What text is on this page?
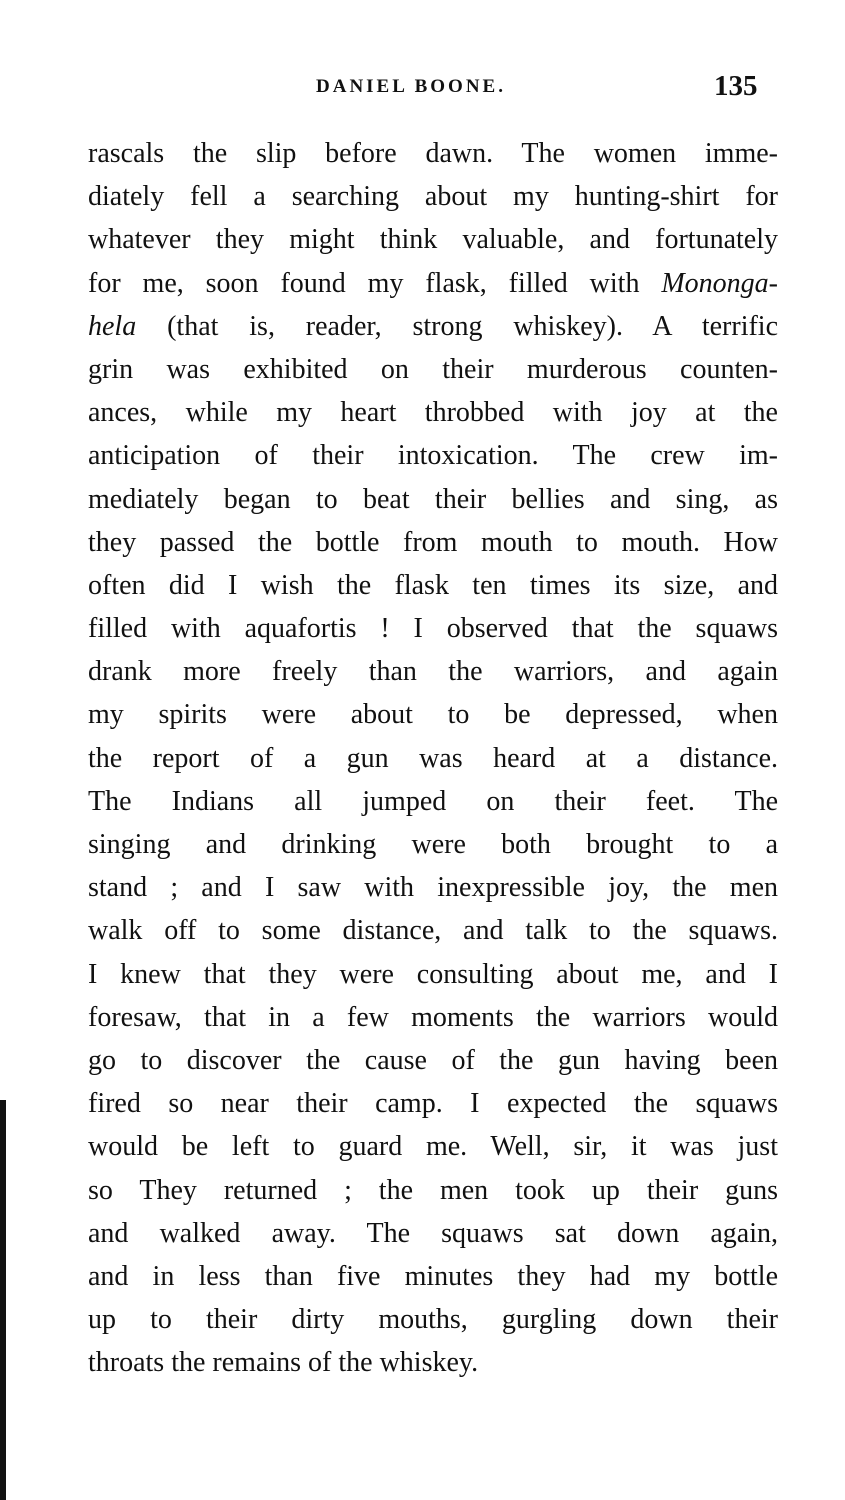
DANIEL BOONE.	135
rascals the slip before dawn. The women imme-
diately fell a searching about my hunting-shirt for
whatever they might think valuable, and fortunately
for me, soon found my flask, filled with Mononga-
hela (that is, reader, strong whiskey). A terrific
grin was exhibited on their murderous counten-
ances, while my heart throbbed with joy at the
anticipation of their intoxication. The crew im-
mediately began to beat their bellies and sing, as
they passed the bottle from mouth to mouth. How
often did I wish the flask ten times its size, and
filled with aquafortis ! I observed that the squaws
drank more freely than the warriors, and again
my spirits were about to be depressed, when
the report of a gun was heard at a distance.
The Indians all jumped on their feet. The
singing and drinking were both brought to a
stand ; and I saw with inexpressible joy, the men
walk off to some distance, and talk to the squaws.
I knew that they were consulting about me, and I
foresaw, that in a few moments the warriors would
go to discover the cause of the gun having been
fired so near their camp. I expected the squaws
would be left to guard me. Well, sir, it was just
so They returned ; the men took up their guns
and walked away. The squaws sat down again,
and in less than five minutes they had my bottle
up to their dirty mouths, gurgling down their
throats the remains of the whiskey.
